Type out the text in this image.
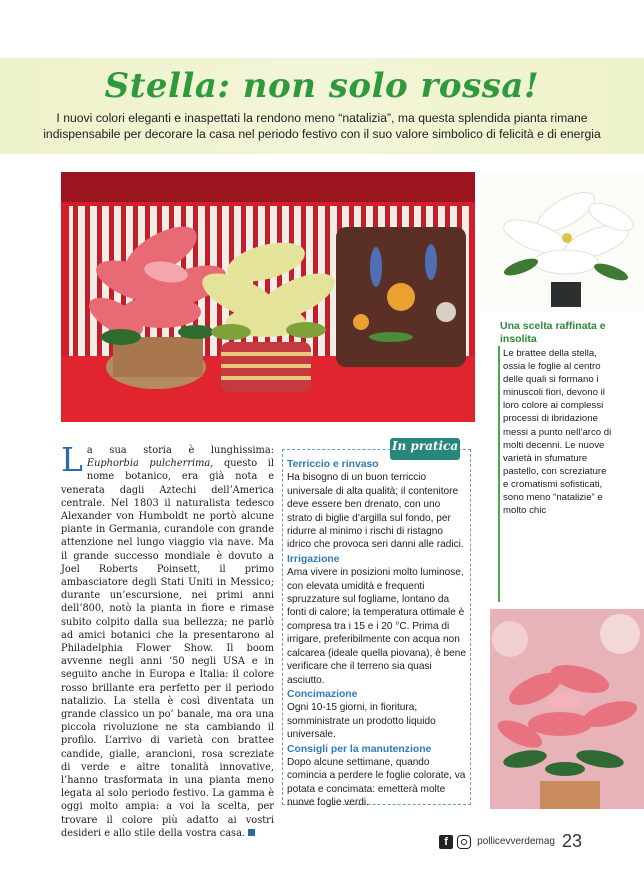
Stella: non solo rossa!
I nuovi colori eleganti e inaspettati la rendono meno “natalizia”, ma questa splendida pianta rimane indispensabile per decorare la casa nel periodo festivo con il suo valore simbolico di felicità e di energia
Una scelta raffinata e insolita
Le brattee della stella, ossia le foglie al centro delle quali si formano i minuscoli fiori, devono il loro colore ai complessi processi di ibridazione messi a punto nell’arco di molti decenni. Le nuove varietà in sfumature pastello, con screziature e cromatismi sofisticati, sono meno “natalizie” e molto chic
La sua storia è lunghissima: Euphorbia pulcherrima, questo il nome botanico, era già nota e venerata dagli Aztechi dell’America centrale. Nel 1803 il naturalista tedesco Alexander von Humboldt ne portò alcune piante in Germania, curandole con grande attenzione nel lungo viaggio via nave. Ma il grande successo mondiale è dovuto a Joel Roberts Poinsett, il primo ambasciatore degli Stati Uniti in Messico; durante un’escursione, nei primi anni dell’800, notò la pianta in fiore e rimase subito colpito dalla sua bellezza; ne parlò ad amici botanici che la presentarono al Philadelphia Flower Show. Il boom avvenne negli anni ‘50 negli USA e in seguito anche in Europa e Italia: il colore rosso brillante era perfetto per il periodo natalizio. La stella è così diventata un grande classico un po’ banale, ma ora una piccola rivoluzione ne sta cambiando il profilo. L’arrivo di varietà con brattee candide, gialle, arancioni, rosa screziate di verde e altre tonalità innovative, l’hanno trasformata in una pianta meno legata al solo periodo festivo. La gamma è oggi molto ampia: a voi la scelta, per trovare il colore più adatto ai vostri desideri e allo stile della vostra casa.
In pratica
Terriccio e rinvaso

Ha bisogno di un buon terriccio universale di alta qualità; il contenitore deve essere ben drenato, con uno strato di biglie d’argilla sul fondo, per ridurre al minimo i rischi di ristagno idrico che provoca seri danni alle radici.

Irrigazione

Ama vivere in posizioni molto luminose, con elevata umidità e frequenti spruzzature sul fogliame, lontano da fonti di calore; la temperatura ottimale è compresa tra i 15 e i 20 °C. Prima di irrigare, preferibilmente con acqua non calcarea (ideale quella piovana), è bene verificare che il terreno sia quasi asciutto.

Concimazione

Ogni 10-15 giorni, in fioritura, somministrate un prodotto liquido universale.

Consigli per la manutenzione

Dopo alcune settimane, quando comincia a perdere le foglie colorate, va potata e concimata: emetterà molte nuove foglie verdi.

f	pollicevverdemag 23
